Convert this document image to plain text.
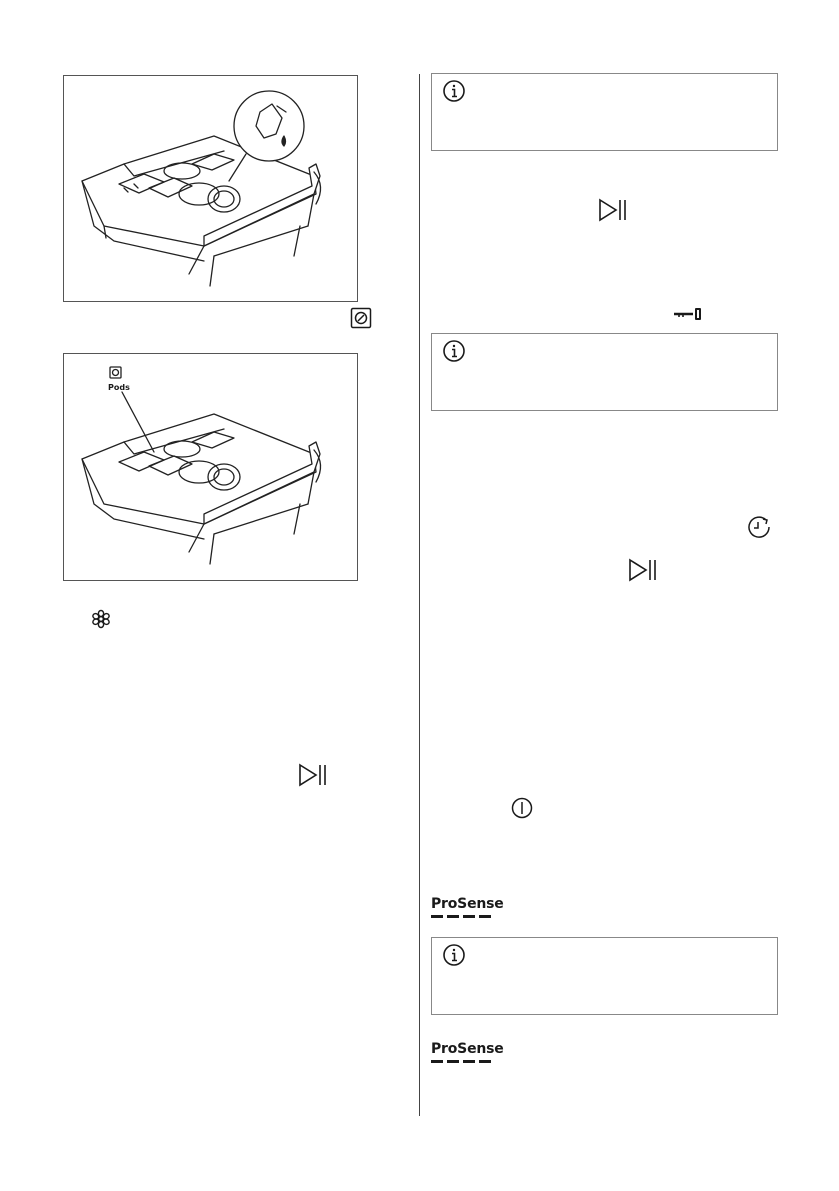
Pods
ProSense
ProSense
